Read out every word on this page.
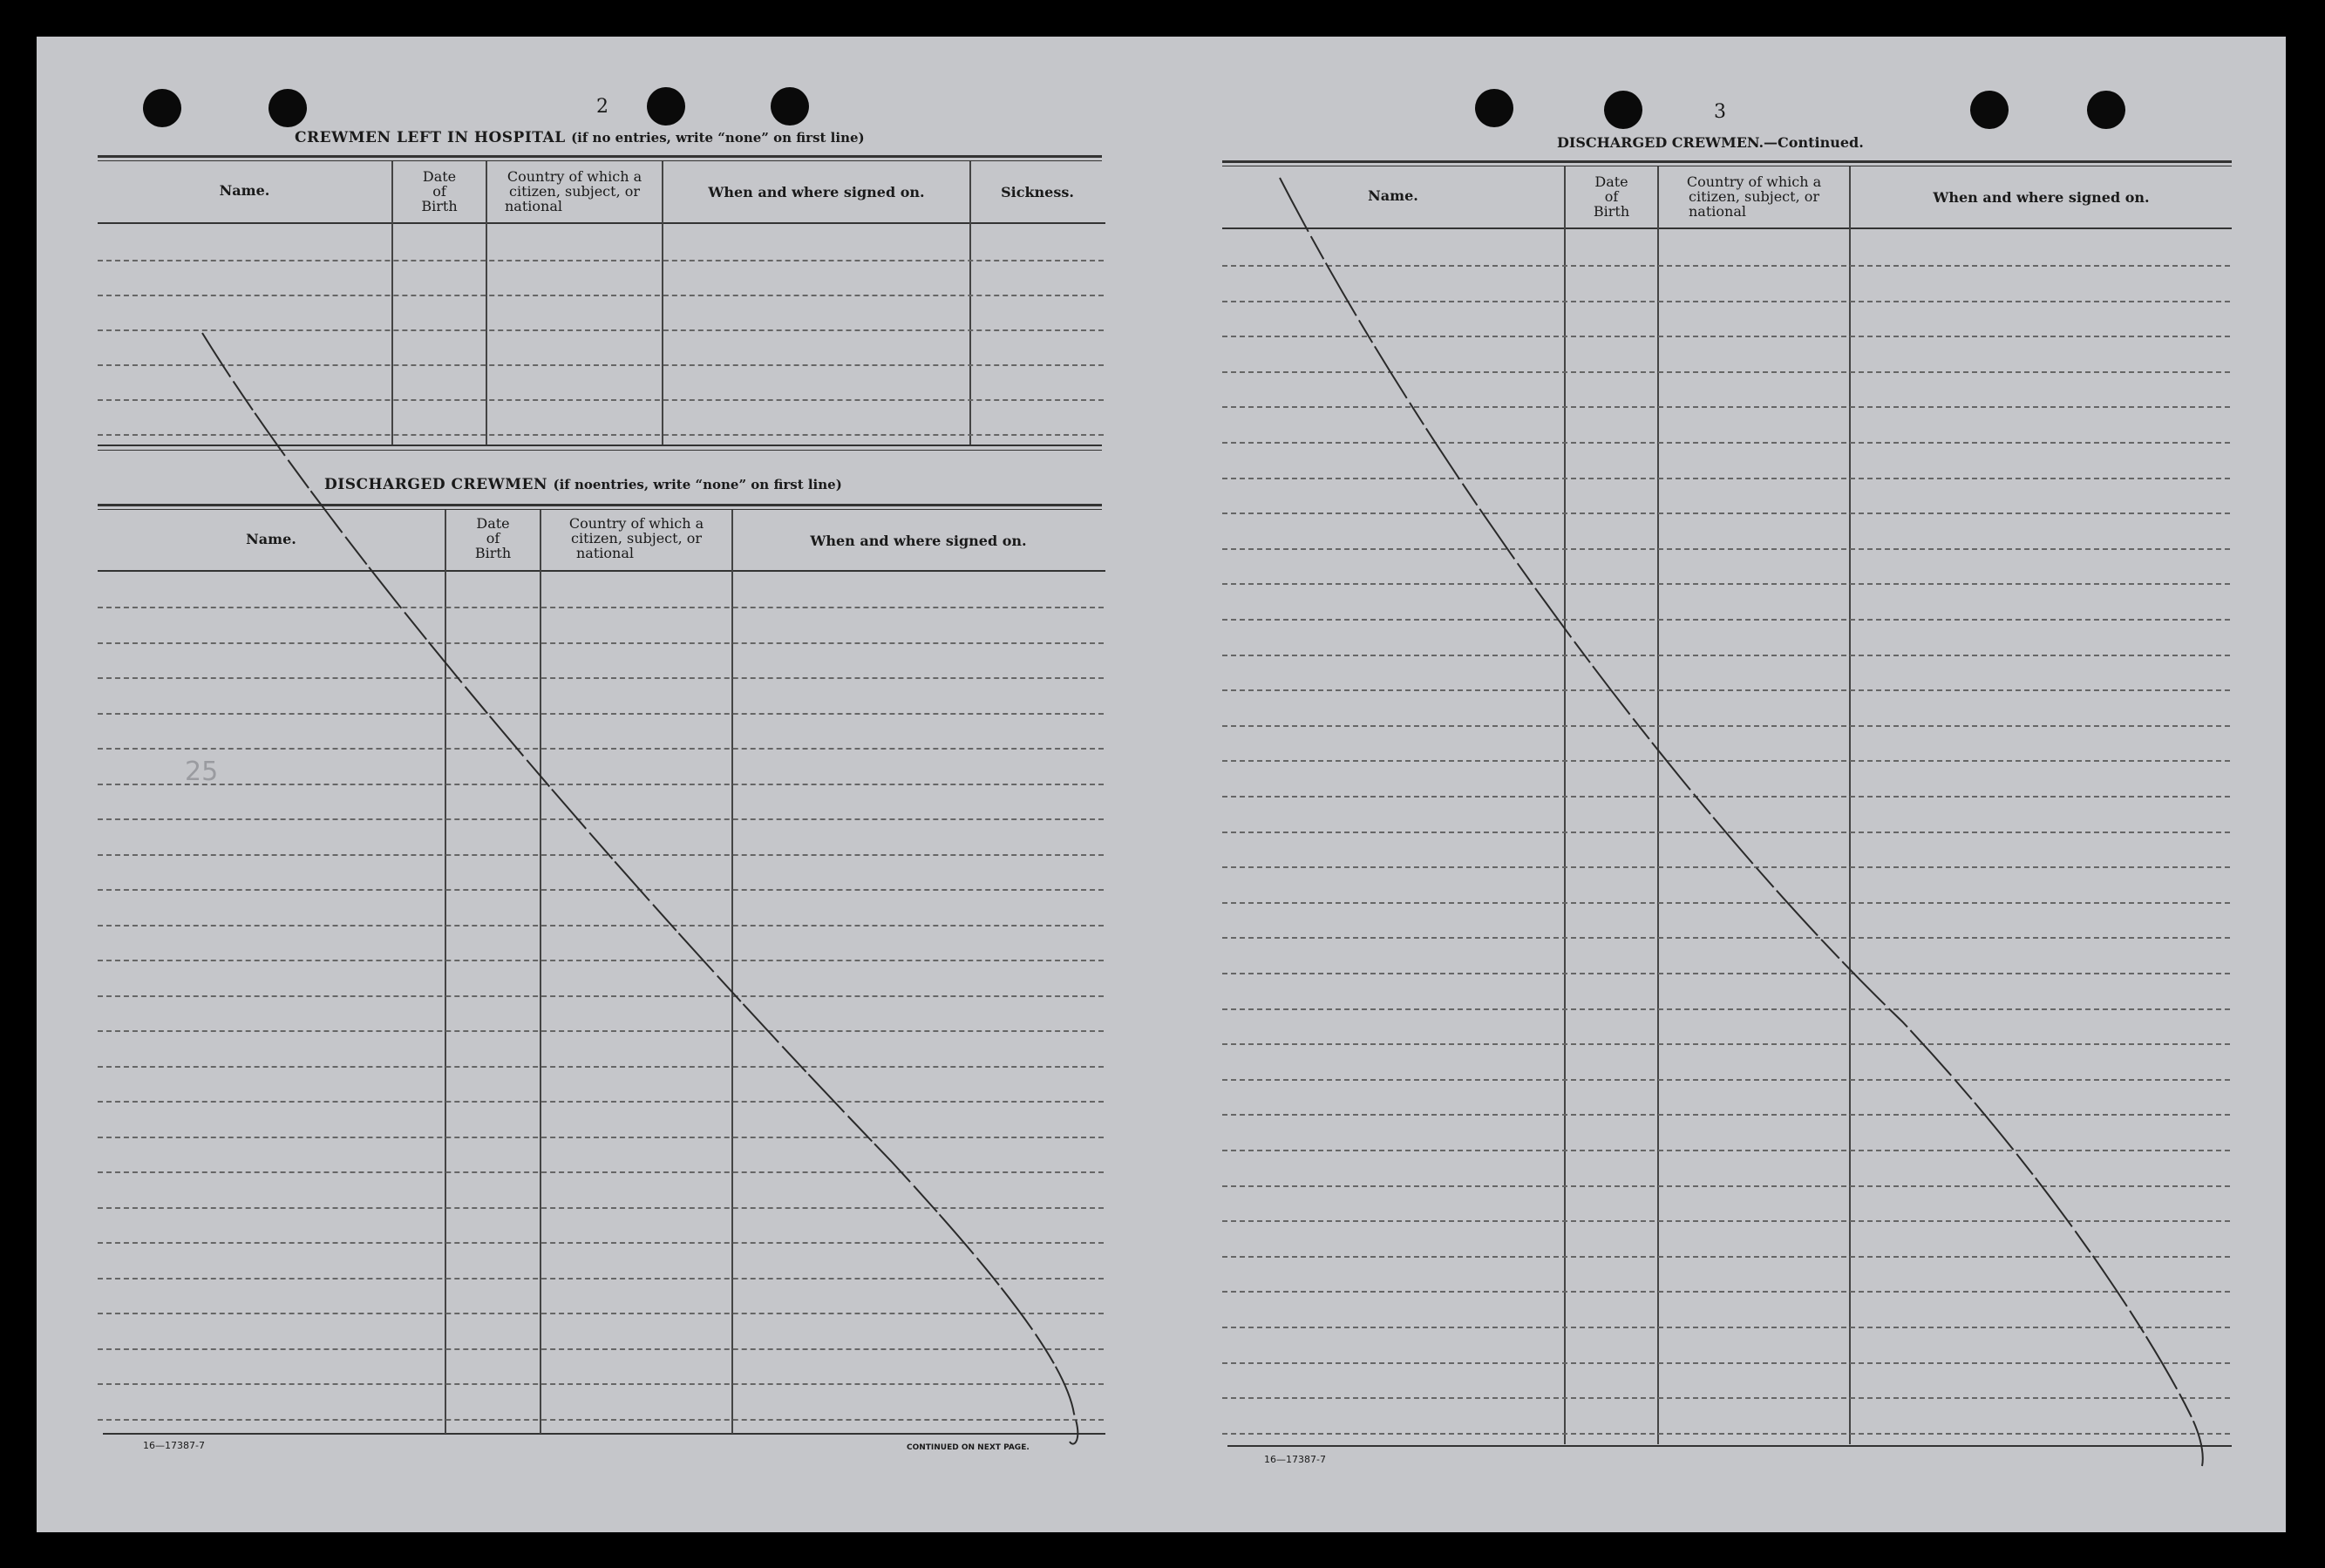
2
CREWMEN LEFT IN HOSPITAL (if no entries, write “none” on first line)
Name.
Date
of
Birth
Country of which a
citizen, subject, or
national
When and where signed on.	Sickness.
DISCHARGED CREWMEN (if noentries, write “none” on first line)
Name.
Date
of
Birth
Country of which a
citizen, subject, or
national
When and where signed on.
25
16—17387-7	CONTINUED ON NEXT PAGE.
3
DISCHARGED CREWMEN.—Continued.
Name.
Date
of
Birth
Country of which a
citizen, subject, or
national
When and where signed on.
16—17387-7
